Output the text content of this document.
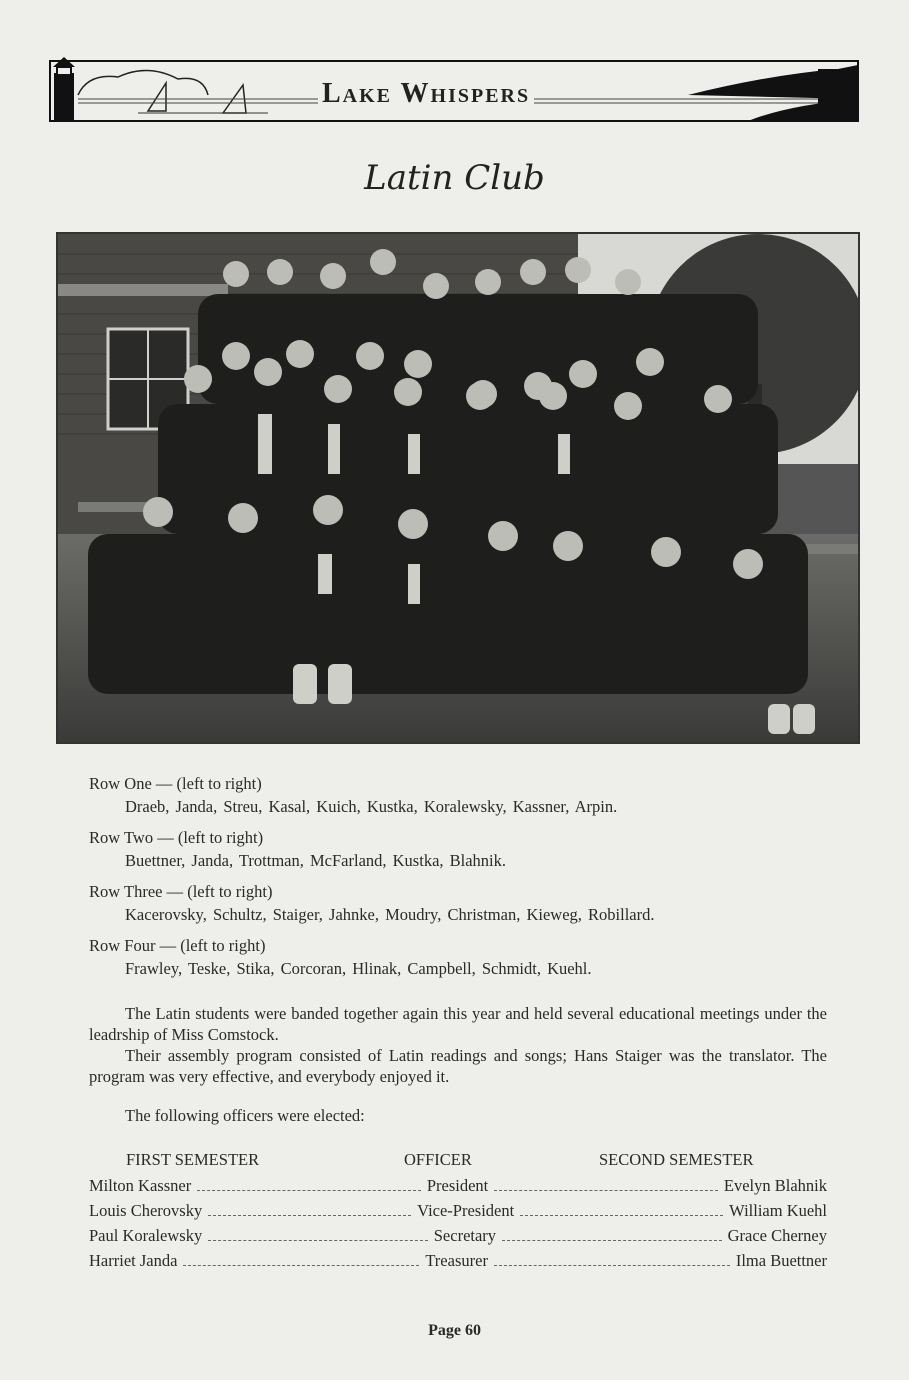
Lake Whispers
Latin Club
Row One — (left to right)
Draeb, Janda, Streu, Kasal, Kuich, Kustka, Koralewsky, Kassner, Arpin.
Row Two — (left to right)
Buettner, Janda, Trottman, McFarland, Kustka, Blahnik.
Row Three — (left to right)
Kacerovsky, Schultz, Staiger, Jahnke, Moudry, Christman, Kieweg, Robillard.
Row Four — (left to right)
Frawley, Teske, Stika, Corcoran, Hlinak, Campbell, Schmidt, Kuehl.

The Latin students were banded together again this year and held several educational meetings under the leadrship of Miss Comstock.

Their assembly program consisted of Latin readings and songs; Hans Staiger was the translator. The program was very effective, and everybody enjoyed it.

The following officers were elected:

FIRST SEMESTER	OFFICER	SECOND SEMESTER
Milton Kassner	President	Evelyn Blahnik
Louis Cherovsky	Vice-President	William Kuehl
Paul Koralewsky	Secretary	Grace Cherney
Harriet Janda	Treasurer	Ilma Buettner
Page 60
